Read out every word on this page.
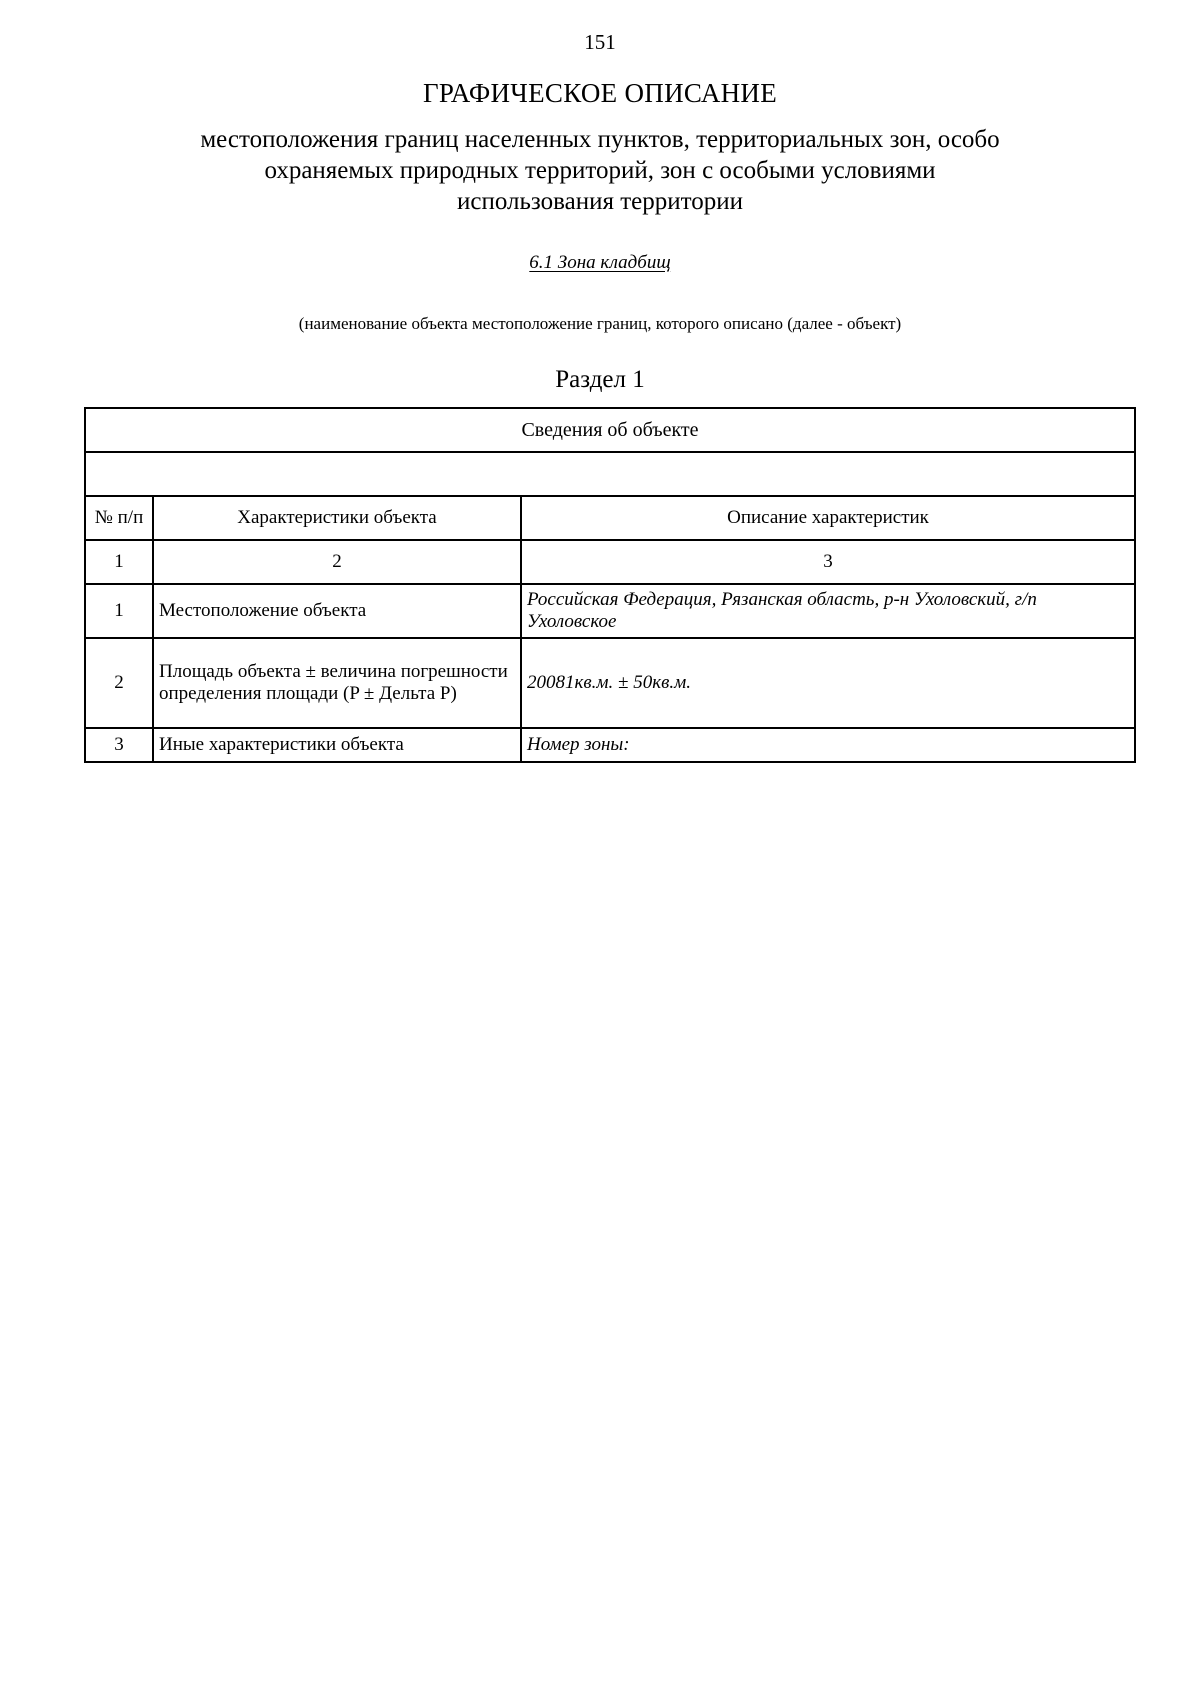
151
ГРАФИЧЕСКОЕ ОПИСАНИЕ
местоположения границ населенных пунктов, территориальных зон, особо охраняемых природных территорий, зон с особыми условиями использования территории
6.1 Зона кладбищ
(наименование объекта местоположение границ, которого описано (далее - объект)
Раздел 1
Сведения об объекте		

№ п/п	Характеристики объекта	Описание характеристик
1	2	3
1	Местоположение объекта	Российская Федерация, Рязанская область, р-н Ухоловский, г/п Ухоловское
2	Площадь объекта ± величина погрешности определения площади (P ± Дельта P)	20081кв.м. ± 50кв.м.
3	Иные характеристики объекта	Номер зоны:
